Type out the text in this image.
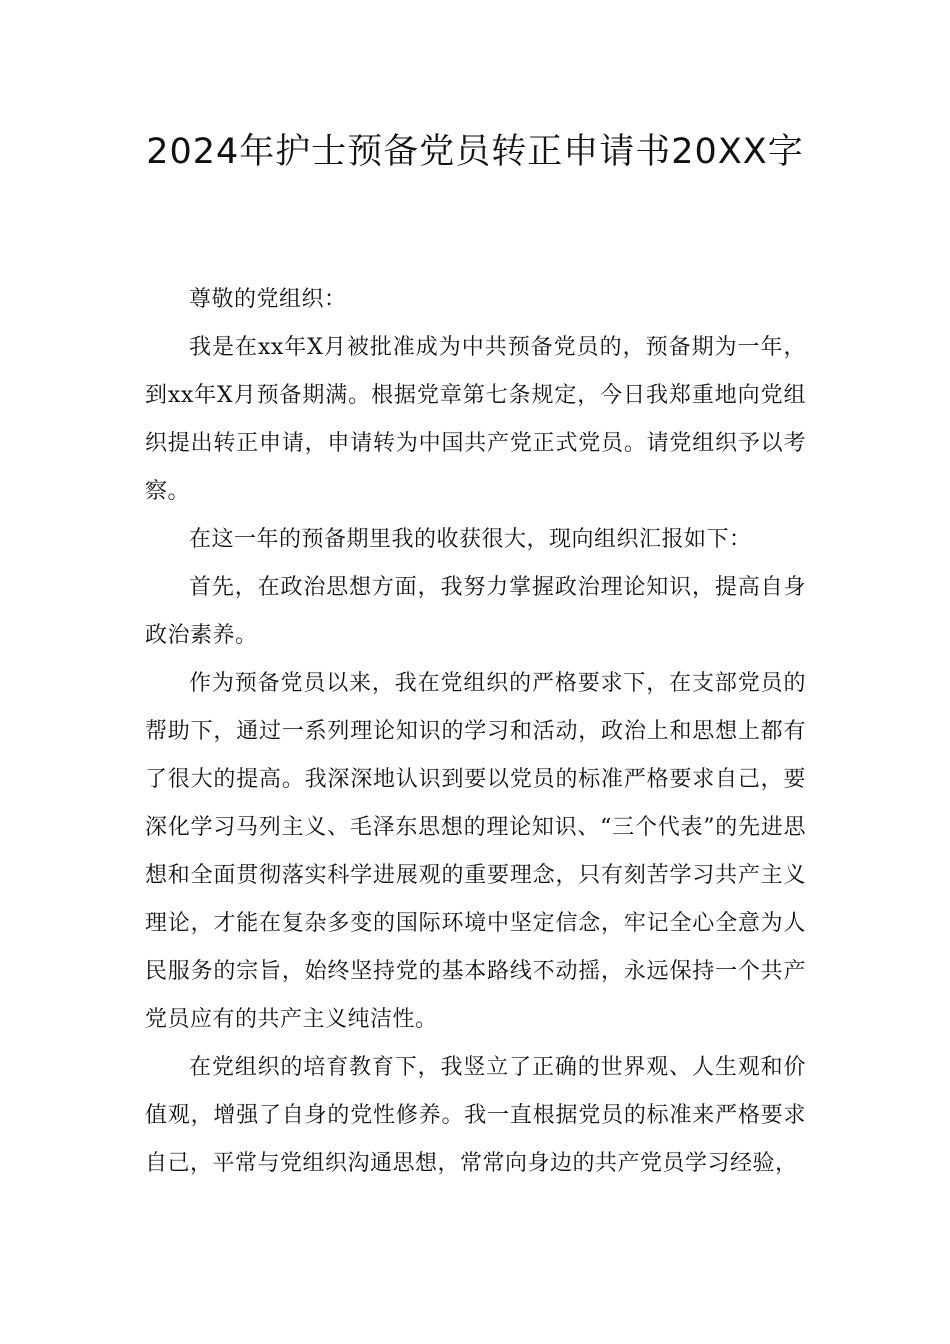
2024年护士预备党员转正申请书20XX字

尊敬的党组织：

我是在xx年X月被批准成为中共预备党员的，预备期为一年，到xx年X月预备期满。根据党章第七条规定，今日我郑重地向党组织提出转正申请，申请转为中国共产党正式党员。请党组织予以考察。

在这一年的预备期里我的收获很大，现向组织汇报如下：

首先，在政治思想方面，我努力掌握政治理论知识，提高自身政治素养。

作为预备党员以来，我在党组织的严格要求下，在支部党员的帮助下，通过一系列理论知识的学习和活动，政治上和思想上都有了很大的提高。我深深地认识到要以党员的标准严格要求自己，要深化学习马列主义、毛泽东思想的理论知识、“三个代表”的先进思想和全面贯彻落实科学进展观的重要理念，只有刻苦学习共产主义理论，才能在复杂多变的国际环境中坚定信念，牢记全心全意为人民服务的宗旨，始终坚持党的基本路线不动摇，永远保持一个共产党员应有的共产主义纯洁性。

在党组织的培育教育下，我竖立了正确的世界观、人生观和价值观，增强了自身的党性修养。我一直根据党员的标准来严格要求自己，平常与党组织沟通思想，常常向身边的共产党员学习经验，
